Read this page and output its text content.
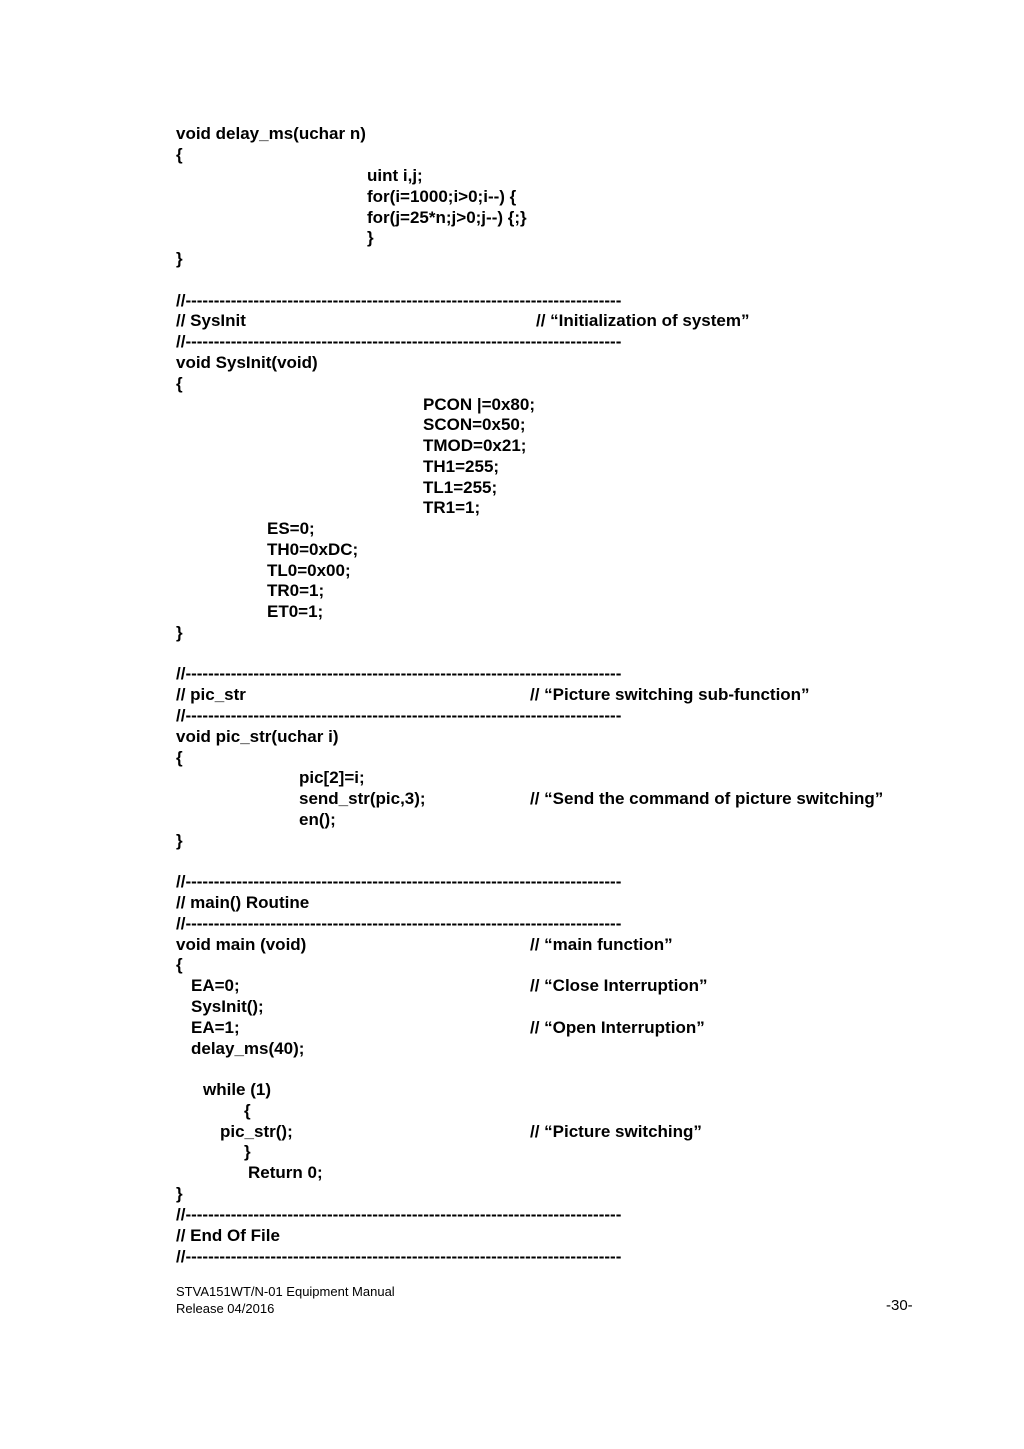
void delay_ms(uchar n)
{
uint i,j;
for(i=1000;i>0;i--) {
for(j=25*n;j>0;j--) {;}
}
}
//-----------------------------------------------------------------------------
// SysInit	// “Initialization of system”
//-----------------------------------------------------------------------------
void SysInit(void)
{
PCON |=0x80;
SCON=0x50;
TMOD=0x21;
TH1=255;
TL1=255;
TR1=1;
ES=0;
TH0=0xDC;
TL0=0x00;
TR0=1;
ET0=1;
}
//-----------------------------------------------------------------------------
// pic_str	// “Picture switching sub-function”
//-----------------------------------------------------------------------------
void pic_str(uchar i)
{
pic[2]=i;
send_str(pic,3);	// “Send the command of picture switching”
en();
}
//-----------------------------------------------------------------------------
// main() Routine
//-----------------------------------------------------------------------------
void main (void)	// “main function”
{
EA=0;	// “Close Interruption”
SysInit();
EA=1;	// “Open Interruption”
delay_ms(40);
while (1)
{
pic_str();	// “Picture switching”
}
Return 0;
}
//-----------------------------------------------------------------------------
// End Of File
//-----------------------------------------------------------------------------
STVA151WT/N-01 Equipment Manual
Release 04/2016	-30-
